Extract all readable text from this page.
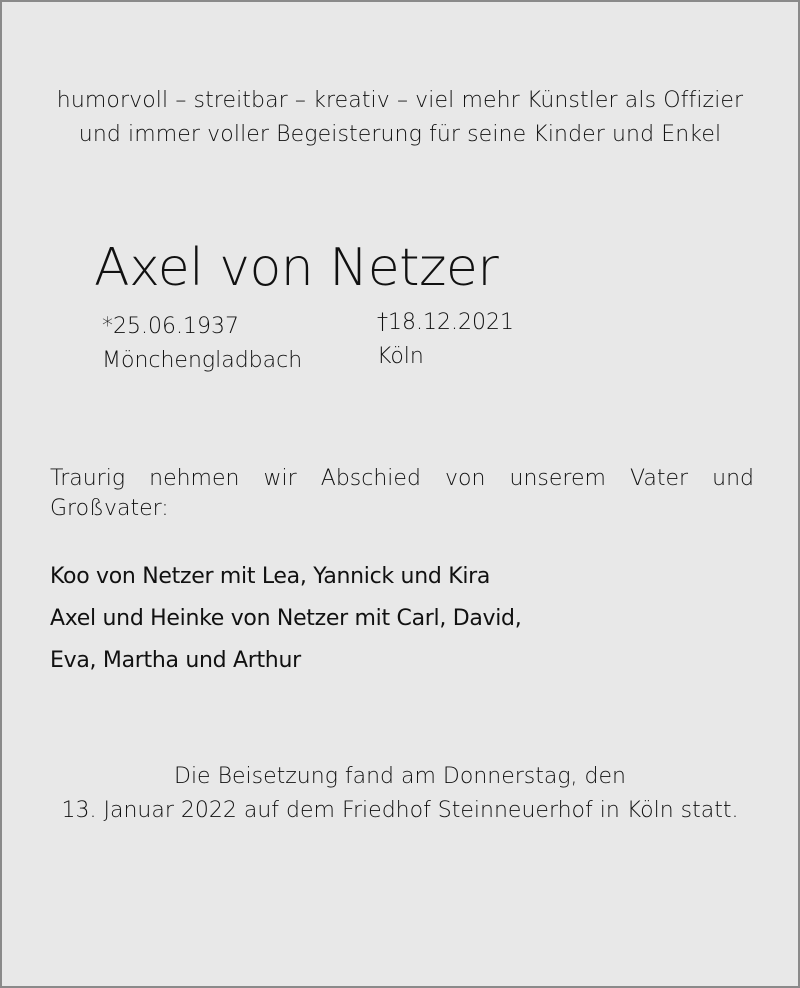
humorvoll – streitbar – kreativ – viel mehr Künstler als Offizier
und immer voller Begeisterung für seine Kinder und Enkel
Axel von Netzer
*25.06.1937
Mönchengladbach
†18.12.2021
Köln
Traurig nehmen wir Abschied von unserem Vater und Großvater:
Koo von Netzer mit Lea, Yannick und Kira
Axel und Heinke von Netzer mit Carl, David,
Eva, Martha und Arthur
Die Beisetzung fand am Donnerstag, den
13. Januar 2022 auf dem Friedhof Steinneuerhof in Köln statt.
